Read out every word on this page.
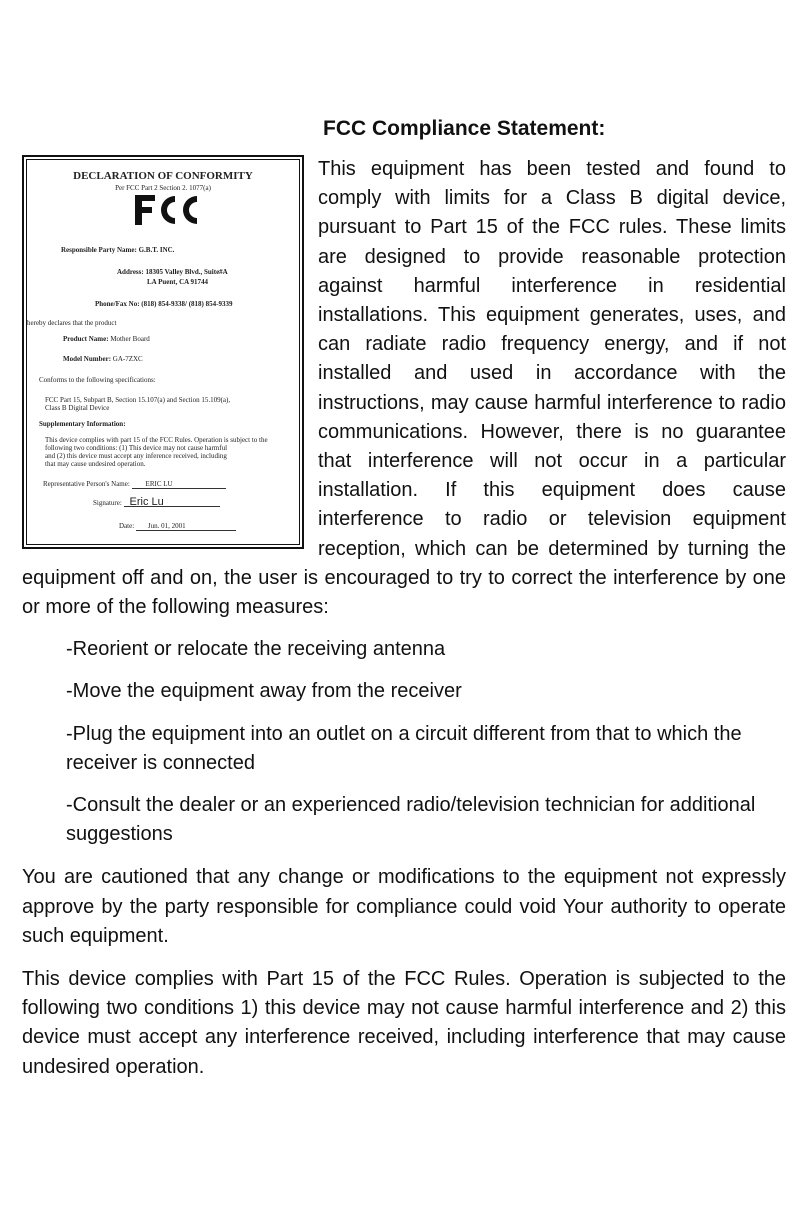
FCC Compliance Statement:
DECLARATION OF CONFORMITY
Per FCC Part 2 Section 2. 1077(a)
Responsible Party Name: G.B.T. INC.
Address: 18305 Valley Blvd., Suite#A
LA Puent, CA 91744
Phone/Fax No: (818) 854-9338/ (818) 854-9339
hereby declares that the product
Product Name: Mother Board
Model Number: GA-7ZXC
Conforms to the following specifications:
FCC Part 15, Subpart B, Section 15.107(a) and Section 15.109(a),
Class B Digital Device
Supplementary Information:
This device complies with part 15 of the FCC Rules. Operation is subject to the
following two conditions: (1) This device may not cause harmful
and (2) this device must accept any inference received, including
that may cause undesired operation.
Representative Person's Name: ERIC LU
Signature: Eric Lu
Date: Jun. 01, 2001

This equipment has been tested and found to comply with limits for a Class B digital device, pursuant to Part 15 of the FCC rules. These limits are designed to provide reasonable protection against harmful interference in residential installations. This equipment generates, uses, and can radiate radio frequency energy, and if not installed and used in accordance with the instructions, may cause harmful interference to radio communications. However, there is no guarantee that interference will not occur in a particular installation. If this equipment does cause interference to radio or television equipment reception, which can be determined by turning the equipment off and on, the user is encouraged to try to correct the interference by one or more of the following measures:

-Reorient or relocate the receiving antenna
-Move the equipment away from the receiver
-Plug the equipment into an outlet on a circuit different from that to which the receiver is connected
-Consult the dealer or an experienced radio/television technician for additional suggestions

You are cautioned that any change or modifications to the equipment not expressly approve by the party responsible for compliance could void Your authority to operate such equipment.

This device complies with Part 15 of the FCC Rules. Operation is subjected to the following two conditions 1) this device may not cause harmful interference and 2) this device must accept any interference received, including interference that may cause undesired operation.
